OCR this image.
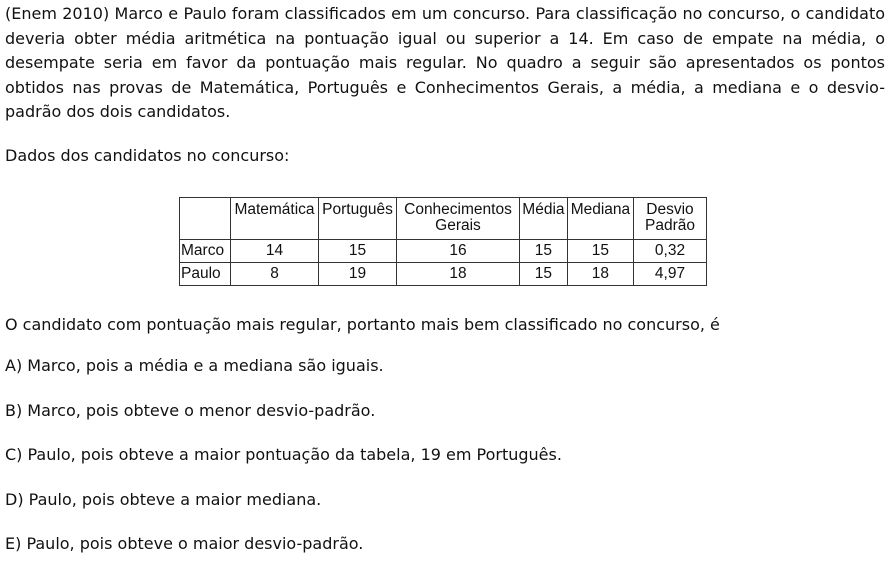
(Enem 2010) Marco e Paulo foram classificados em um concurso. Para classificação no concurso, o candidato deveria obter média aritmética na pontuação igual ou superior a 14. Em caso de empate na média, o desempate seria em favor da pontuação mais regular. No quadro a seguir são apresentados os pontos obtidos nas provas de Matemática, Português e Conhecimentos Gerais, a média, a mediana e o desvio-padrão dos dois candidatos.

Dados dos candidatos no concurso:

	Matemática	Português	Conhecimentos Gerais	Média	Mediana	Desvio Padrão
Marco	14	15	16	15	15	0,32
Paulo	8	19	18	15	18	4,97

O candidato com pontuação mais regular, portanto mais bem classificado no concurso, é

A) Marco, pois a média e a mediana são iguais.
B) Marco, pois obteve o menor desvio-padrão.
C) Paulo, pois obteve a maior pontuação da tabela, 19 em Português.
D) Paulo, pois obteve a maior mediana.
E) Paulo, pois obteve o maior desvio-padrão.
